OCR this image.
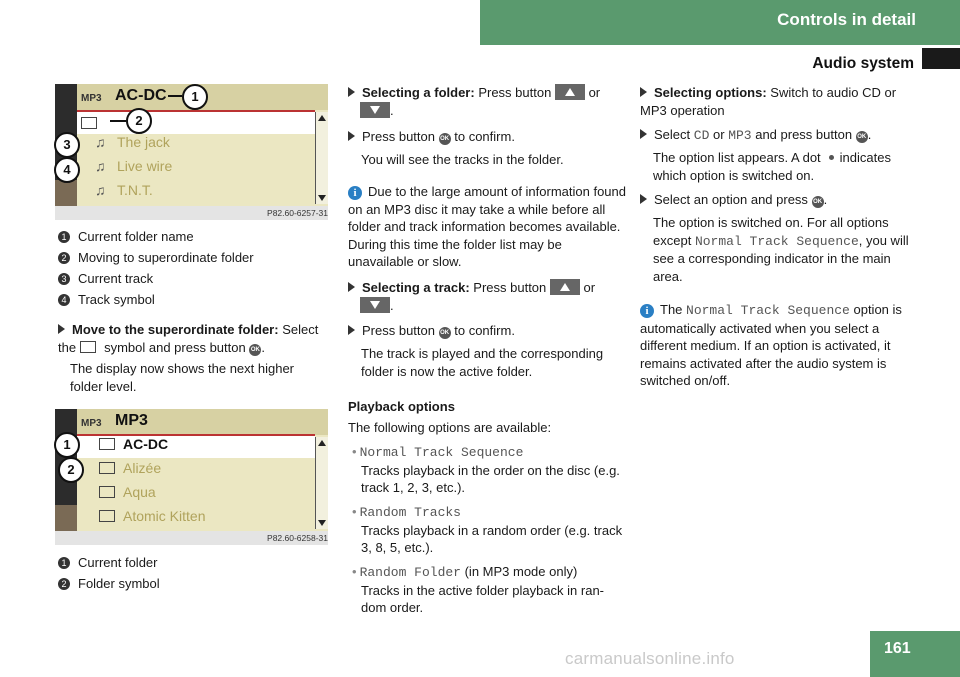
Controls in detail
Audio system
MP3 AC-DC
♫ The jack
♫ Live wire
♫ T.N.T.
P82.60-6257-31
1
2
3
4
1 Current folder name
2 Moving to superordinate folder
3 Current track
4 Track symbol
Move to the superordinate folder: Select the symbol and press button OK .
The display now shows the next higher folder level.
MP3 MP3
AC-DC
Alizée
Aqua
Atomic Kitten
P82.60-6258-31
1
2
1 Current folder
2 Folder symbol
Selecting a folder: Press button	or
.
Press button OK to confirm.
You will see the tracks in the folder.
i Due to the large amount of information found on an MP3 disc it may take a while before all folder and track information becomes available. During this time the folder list may be unavailable or slow.
Selecting a track: Press button	or
.
Press button OK to confirm.
The track is played and the corresponding folder is now the active folder.
Playback options
The following options are available:
• Normal Track Sequence

Tracks playback in the order on the disc (e.g. track 1, 2, 3, etc.).
• Random Tracks

Tracks playback in a random order (e.g. track 3, 8, 5, etc.).
• Random Folder (in MP3 mode only)

Tracks in the active folder playback in ran-dom order.
Selecting options: Switch to audio CD or MP3 operation
Select CD or MP3 and press button OK .
The option list appears. A dot indicates which option is switched on.
Select an option and press OK .
The option is switched on. For all options except Normal Track Sequence, you will see a corresponding indicator in the main area.
i The Normal Track Sequence option is automatically activated when you select a different medium. If an option is activated, it remains activated after the audio system is switched on/off.
carmanualsonline.info
161
